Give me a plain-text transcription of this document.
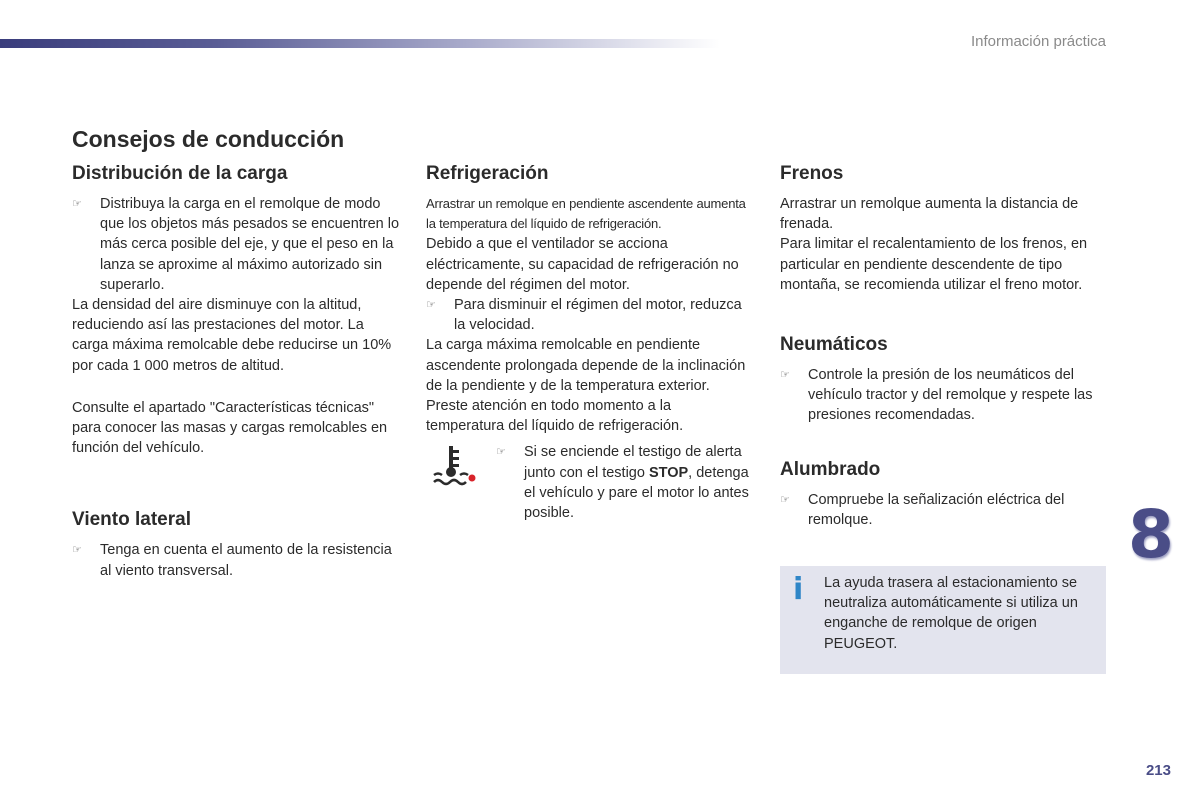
Información práctica
Consejos de conducción
Distribución de la carga
☞ Distribuya la carga en el remolque de modo que los objetos más pesados se encuentren lo más cerca posible del eje, y que el peso en la lanza se aproxime al máximo autorizado sin superarlo.

La densidad del aire disminuye con la altitud, reduciendo así las prestaciones del motor. La carga máxima remolcable debe reducirse un 10% por cada 1 000 metros de altitud.

Consulte el apartado "Características técnicas" para conocer las masas y cargas remolcables en función del vehículo.

Viento lateral
☞ Tenga en cuenta el aumento de la resistencia al viento transversal.
Refrigeración

Arrastrar un remolque en pendiente ascendente aumenta la temperatura del líquido de refrigeración.

Debido a que el ventilador se acciona eléctricamente, su capacidad de refrigeración no depende del régimen del motor.

☞ Para disminuir el régimen del motor, reduzca la velocidad.

La carga máxima remolcable en pendiente ascendente prolongada depende de la inclinación de la pendiente y de la temperatura exterior.

Preste atención en todo momento a la temperatura del líquido de refrigeración.

☞ Si se enciende el testigo de alerta junto con el testigo STOP, detenga el vehículo y pare el motor lo antes posible.
Frenos

Arrastrar un remolque aumenta la distancia de frenada.

Para limitar el recalentamiento de los frenos, en particular en pendiente descendente de tipo montaña, se recomienda utilizar el freno motor.

Neumáticos
☞ Controle la presión de los neumáticos del vehículo tractor y del remolque y respete las presiones recomendadas.
Alumbrado
☞ Compruebe la señalización eléctrica del remolque.
i La ayuda trasera al estacionamiento se neutraliza automáticamente si utiliza un enganche de remolque de origen PEUGEOT.
8
213
